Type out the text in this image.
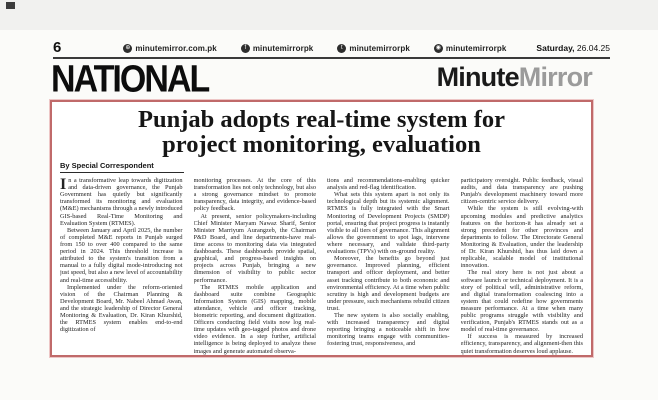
6	⊕ minutemirror.com.pk	f minutemirrorpk	t minutemirrorpk	◉ minutemirrorpk	Saturday, 26.04.25
NATIONAL	MinuteMirror
Punjab adopts real-time system for
project monitoring, evaluation
By Special Correspondent

In a transformative leap towards digitization and data-driven governance, the Punjab Government has quietly but significantly transformed its monitoring and evaluation (M&E) mechanisms through a newly introduced GIS-based Real-Time Monitoring and Evaluation System (RTMES).

Between January and April 2025, the number of completed M&E reports in Punjab surged from 150 to over 400 compared to the same period in 2024. This threshold increase is attributed to the system's transition from a manual to a fully digital mode-introducing not just speed, but also a new level of accountability and real-time accessibility.

Implemented under the reform-oriented vision of the Chairman Planning & Development Board, Mr. Nabeel Ahmad Awan, and the strategic leadership of Director General Monitoring & Evaluation, Dr. Kiran Khurshid, the RTMES system enables end-to-end digitization of

monitoring processes. At the core of this transformation lies not only technology, but also a strong governance mindset to promote transparency, data integrity, and evidence-based policy feedback.

At present, senior policymakers-including Chief Minister Maryam Nawaz Sharif, Senior Minister Marriyum Aurangzeb, the Chairman P&D Board, and line departments-have real-time access to monitoring data via integrated dashboards. These dashboards provide spatial, graphical, and progress-based insights on projects across Punjab, bringing a new dimension of visibility to public sector performance.

The RTMES mobile application and dashboard suite combine Geographic Information System (GIS) mapping, mobile attendance, vehicle and officer tracking, biometric reporting, and document digitization. Officers conducting field visits now log real-time updates with geo-tagged photos and drone video evidence. In a step further, artificial intelligence is being deployed to analyze these images and generate automated observa-

tions and recommendations-enabling quicker analysis and red-flag identification.

What sets this system apart is not only its technological depth but its systemic alignment. RTMES is fully integrated with the Smart Monitoring of Development Projects (SMDP) portal, ensuring that project progress is instantly visible to all tiers of governance. This alignment allows the government to spot lags, intervene where necessary, and validate third-party evaluations (TPVs) with on-ground reality.

Moreover, the benefits go beyond just governance. Improved planning, efficient transport and officer deployment, and better asset tracking contribute to both economic and environmental efficiency. At a time when public scrutiny is high and development budgets are under pressure, such mechanisms rebuild citizen trust.

The new system is also socially enabling, with increased transparency and digital reporting bringing a noticeable shift in how monitoring teams engage with communities-fostering trust, responsiveness, and

participatory oversight. Public feedback, visual audits, and data transparency are pushing Punjab's development machinery toward more citizen-centric service delivery.

While the system is still evolving-with upcoming modules and predictive analytics features on the horizon-it has already set a strong precedent for other provinces and departments to follow. The Directorate General Monitoring & Evaluation, under the leadership of Dr. Kiran Khurshid, has thus laid down a replicable, scalable model of institutional innovation.

The real story here is not just about a software launch or technical deployment. It is a story of political will, administrative reform, and digital transformation coalescing into a system that could redefine how governments measure performance. At a time when many public programs struggle with visibility and verification, Punjab's RTMES stands out as a model of real-time governance.

If success is measured by increased efficiency, transparency, and alignment-then this quiet transformation deserves loud applause.
